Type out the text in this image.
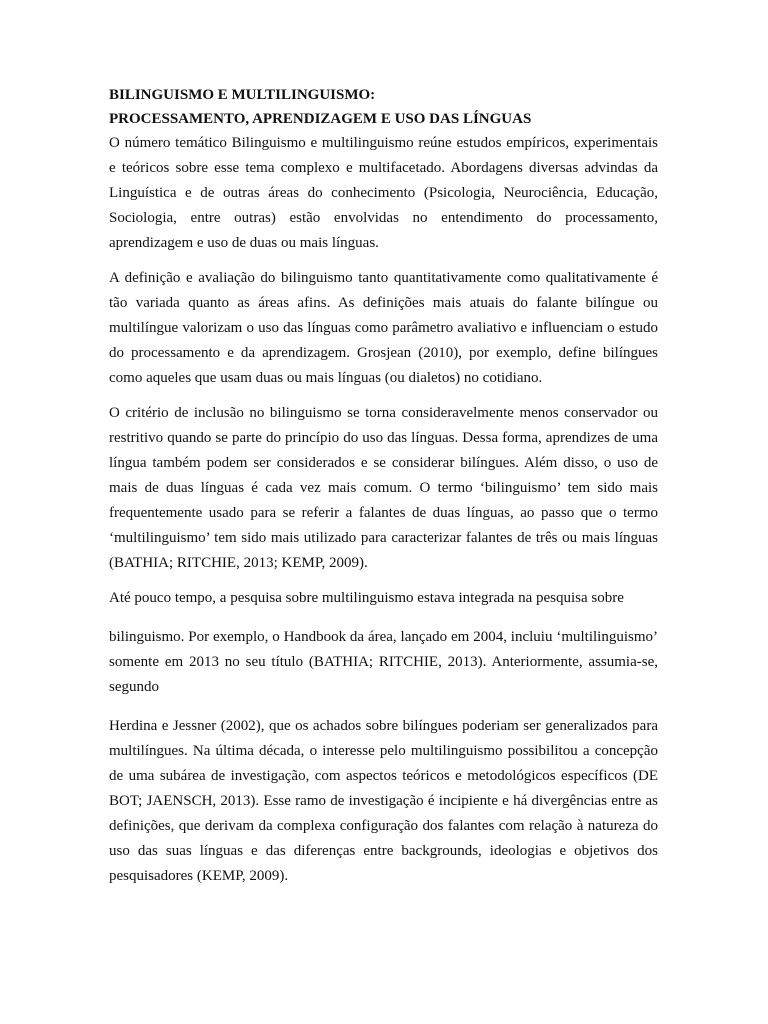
BILINGUISMO E MULTILINGUISMO:
PROCESSAMENTO, APRENDIZAGEM E USO DAS LÍNGUAS

O número temático Bilinguismo e multilinguismo reúne estudos empíricos, experimentais e teóricos sobre esse tema complexo e multifacetado. Abordagens diversas advindas da Linguística e de outras áreas do conhecimento (Psicologia, Neurociência, Educação, Sociologia, entre outras) estão envolvidas no entendimento do processamento, aprendizagem e uso de duas ou mais línguas.

A definição e avaliação do bilinguismo tanto quantitativamente como qualitativamente é tão variada quanto as áreas afins. As definições mais atuais do falante bilíngue ou multilíngue valorizam o uso das línguas como parâmetro avaliativo e influenciam o estudo do processamento e da aprendizagem. Grosjean (2010), por exemplo, define bilíngues como aqueles que usam duas ou mais línguas (ou dialetos) no cotidiano.

O critério de inclusão no bilinguismo se torna consideravelmente menos conservador ou restritivo quando se parte do princípio do uso das línguas. Dessa forma, aprendizes de uma língua também podem ser considerados e se considerar bilíngues. Além disso, o uso de mais de duas línguas é cada vez mais comum. O termo ‘bilinguismo’ tem sido mais frequentemente usado para se referir a falantes de duas línguas, ao passo que o termo ‘multilinguismo’ tem sido mais utilizado para caracterizar falantes de três ou mais línguas (BATHIA; RITCHIE, 2013; KEMP, 2009).

Até pouco tempo, a pesquisa sobre multilinguismo estava integrada na pesquisa sobre

bilinguismo. Por exemplo, o Handbook da área, lançado em 2004, incluiu ‘multilinguismo’ somente em 2013 no seu título (BATHIA; RITCHIE, 2013). Anteriormente, assumia-se, segundo

Herdina e Jessner (2002), que os achados sobre bilíngues poderiam ser generalizados para multilíngues. Na última década, o interesse pelo multilinguismo possibilitou a concepção de uma subárea de investigação, com aspectos teóricos e metodológicos específicos (DE BOT; JAENSCH, 2013). Esse ramo de investigação é incipiente e há divergências entre as definições, que derivam da complexa configuração dos falantes com relação à natureza do uso das suas línguas e das diferenças entre backgrounds, ideologias e objetivos dos pesquisadores (KEMP, 2009).
